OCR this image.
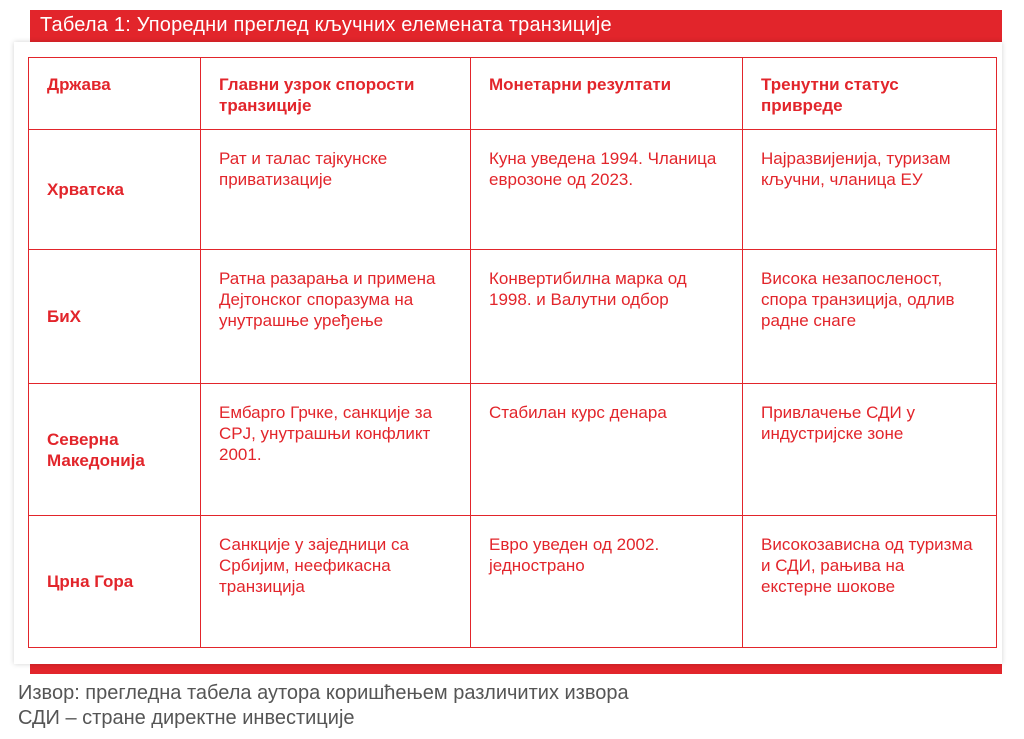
Табела 1: Упоредни преглед кључних елемената транзиције
Држава	Главни узрок спорости транзиције	Монетарни резултати	Тренутни статус привреде
Хрватска	Рат и талас тајкунске приватизације	Куна уведена 1994. Чланица еврозоне од 2023.	Најразвијенија, туризам кључни, чланица ЕУ
БиХ	Ратна разарања и примена Дејтонског споразума на унутрашње уређење	Конвертибилна марка од 1998. и Валутни одбор	Висока незапосленост, спора транзиција, одлив радне снаге
Северна Македонија	Ембарго Грчке, санкције за СРЈ, унутрашњи конфликт 2001.	Стабилан курс денара	Привлачење СДИ у индустријске зоне
Црна Гора	Санкције у заједници са Србијим, неефикасна транзиција	Евро уведен од 2002. једнострано	Високозависна од туризма и СДИ, рањива на екстерне шокове
Извор: прегледна табела аутора коришћењем различитих извора
СДИ – стране директне инвестиције
